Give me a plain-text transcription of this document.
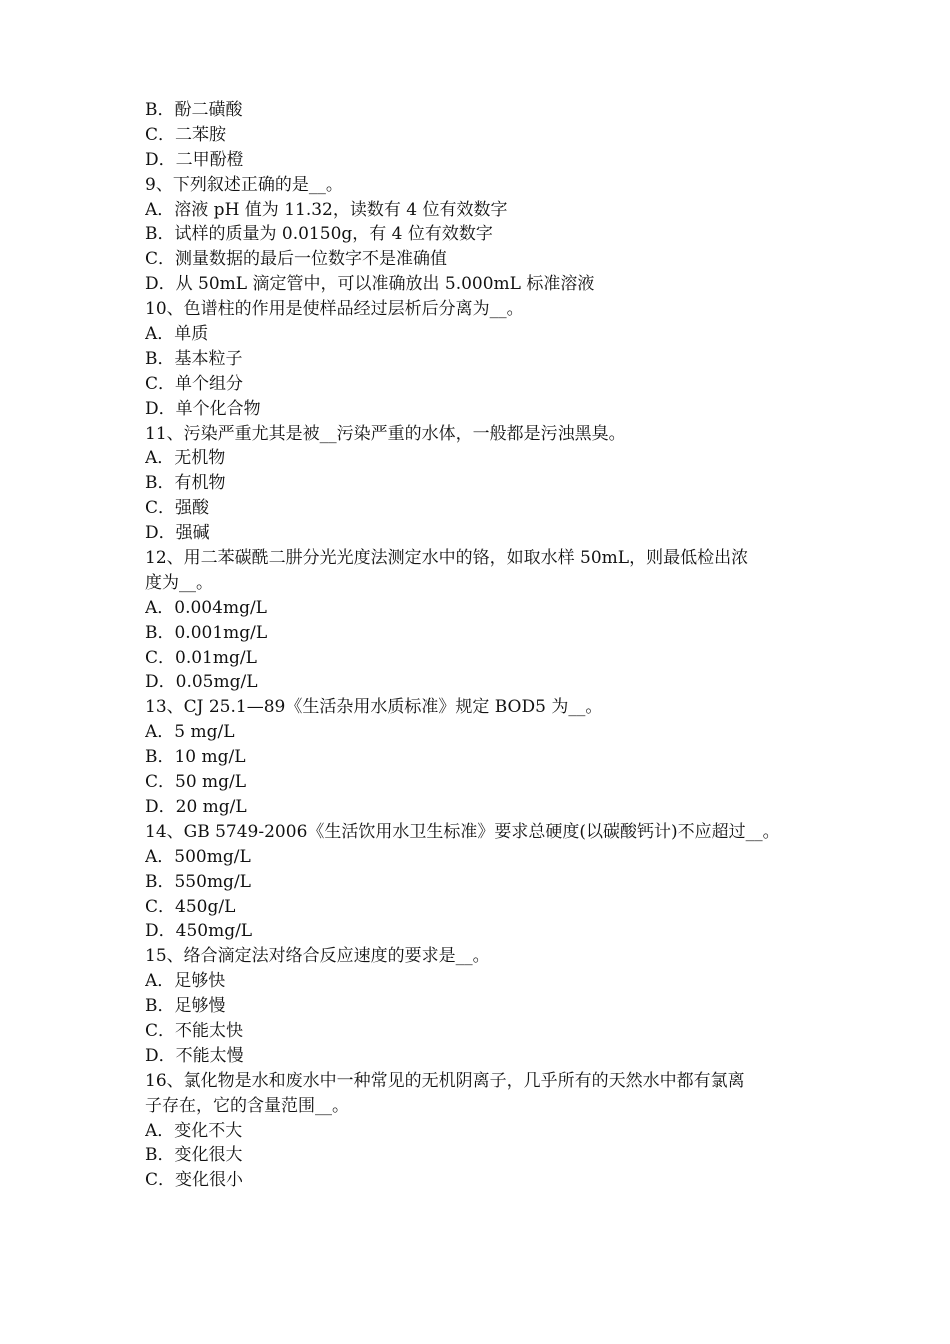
B．酚二磺酸
C．二苯胺
D．二甲酚橙
9、下列叙述正确的是__。
A．溶液 pH 值为 11.32，读数有 4 位有效数字
B．试样的质量为 0.0150g，有 4 位有效数字
C．测量数据的最后一位数字不是准确值
D．从 50mL 滴定管中，可以准确放出 5.000mL 标准溶液
10、色谱柱的作用是使样品经过层析后分离为__。
A．单质
B．基本粒子
C．单个组分
D．单个化合物
11、污染严重尤其是被__污染严重的水体，一般都是污浊黑臭。
A．无机物
B．有机物
C．强酸
D．强碱
12、用二苯碳酰二肼分光光度法测定水中的铬，如取水样 50mL，则最低检出浓
度为__。
A．0.004mg/L
B．0.001mg/L
C．0.01mg/L
D．0.05mg/L
13、CJ 25.1—89《生活杂用水质标准》规定 BOD5 为__。
A．5 mg/L
B．10 mg/L
C．50 mg/L
D．20 mg/L
14、GB 5749-2006《生活饮用水卫生标准》要求总硬度(以碳酸钙计)不应超过__。
A．500mg/L
B．550mg/L
C．450g/L
D．450mg/L
15、络合滴定法对络合反应速度的要求是__。
A．足够快
B．足够慢
C．不能太快
D．不能太慢
16、氯化物是水和废水中一种常见的无机阴离子，几乎所有的天然水中都有氯离
子存在，它的含量范围__。
A．变化不大
B．变化很大
C．变化很小
